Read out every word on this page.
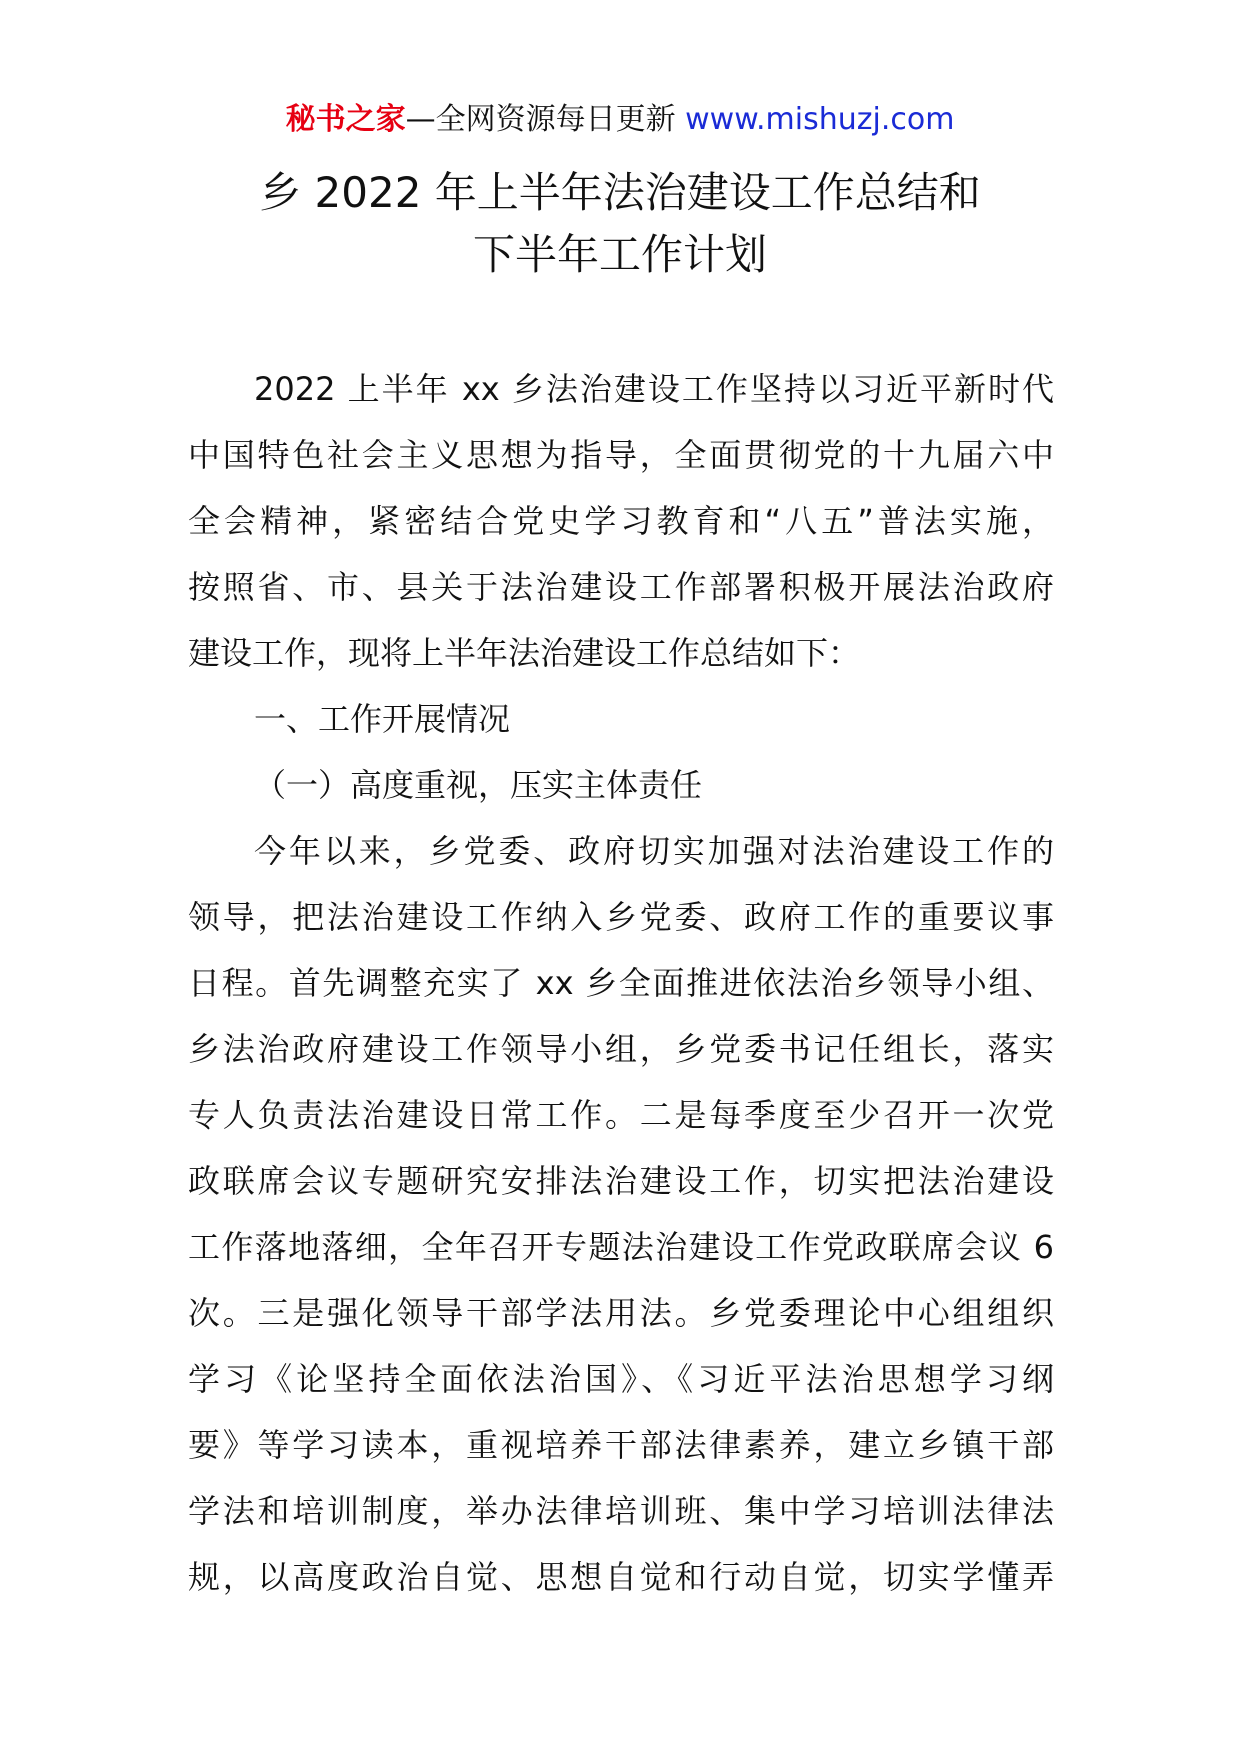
秘书之家—全网资源每日更新 www.mishuzj.com
乡 2022 年上半年法治建设工作总结和
下半年工作计划
2022 上半年 xx 乡法治建设工作坚持以习近平新时代
中国特色社会主义思想为指导，全面贯彻党的十九届六中
全会精神，紧密结合党史学习教育和“八五”普法实施，
按照省、市、县关于法治建设工作部署积极开展法治政府
建设工作，现将上半年法治建设工作总结如下：
一、工作开展情况
（一）高度重视，压实主体责任
今年以来，乡党委、政府切实加强对法治建设工作的
领导，把法治建设工作纳入乡党委、政府工作的重要议事
日程。首先调整充实了 xx 乡全面推进依法治乡领导小组、
乡法治政府建设工作领导小组，乡党委书记任组长，落实
专人负责法治建设日常工作。二是每季度至少召开一次党
政联席会议专题研究安排法治建设工作，切实把法治建设
工作落地落细，全年召开专题法治建设工作党政联席会议 6
次。三是强化领导干部学法用法。乡党委理论中心组组织
学习《论坚持全面依法治国》、《习近平法治思想学习纲
要》等学习读本，重视培养干部法律素养，建立乡镇干部
学法和培训制度，举办法律培训班、集中学习培训法律法
规，以高度政治自觉、思想自觉和行动自觉，切实学懂弄
